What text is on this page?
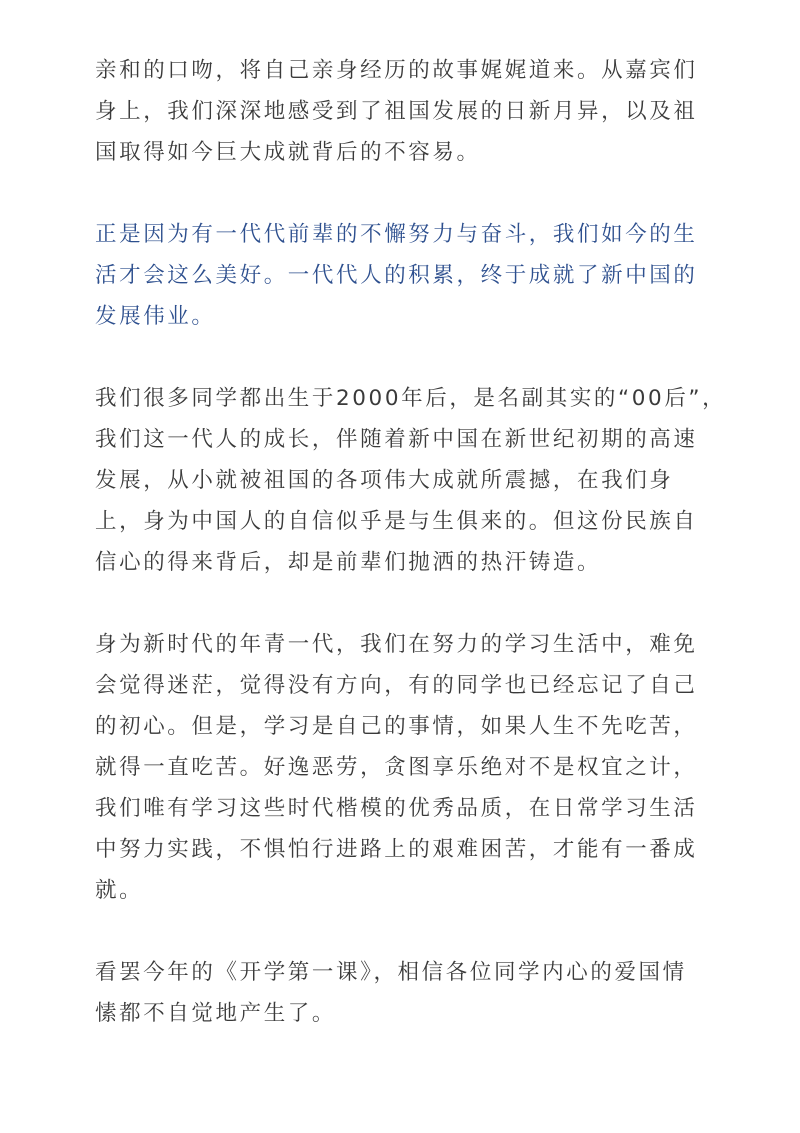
亲和的口吻，将自己亲身经历的故事娓娓道来。从嘉宾们
身上，我们深深地感受到了祖国发展的日新月异，以及祖
国取得如今巨大成就背后的不容易。

正是因为有一代代前辈的不懈努力与奋斗，我们如今的生
活才会这么美好。一代代人的积累，终于成就了新中国的
发展伟业。

我们很多同学都出生于2000年后，是名副其实的“00后”，
我们这一代人的成长，伴随着新中国在新世纪初期的高速
发展，从小就被祖国的各项伟大成就所震撼，在我们身
上，身为中国人的自信似乎是与生俱来的。但这份民族自
信心的得来背后，却是前辈们抛洒的热汗铸造。

身为新时代的年青一代，我们在努力的学习生活中，难免
会觉得迷茫，觉得没有方向，有的同学也已经忘记了自己
的初心。但是，学习是自己的事情，如果人生不先吃苦，
就得一直吃苦。好逸恶劳，贪图享乐绝对不是权宜之计，
我们唯有学习这些时代楷模的优秀品质，在日常学习生活
中努力实践，不惧怕行进路上的艰难困苦，才能有一番成
就。

看罢今年的《开学第一课》，相信各位同学内心的爱国情
愫都不自觉地产生了。
